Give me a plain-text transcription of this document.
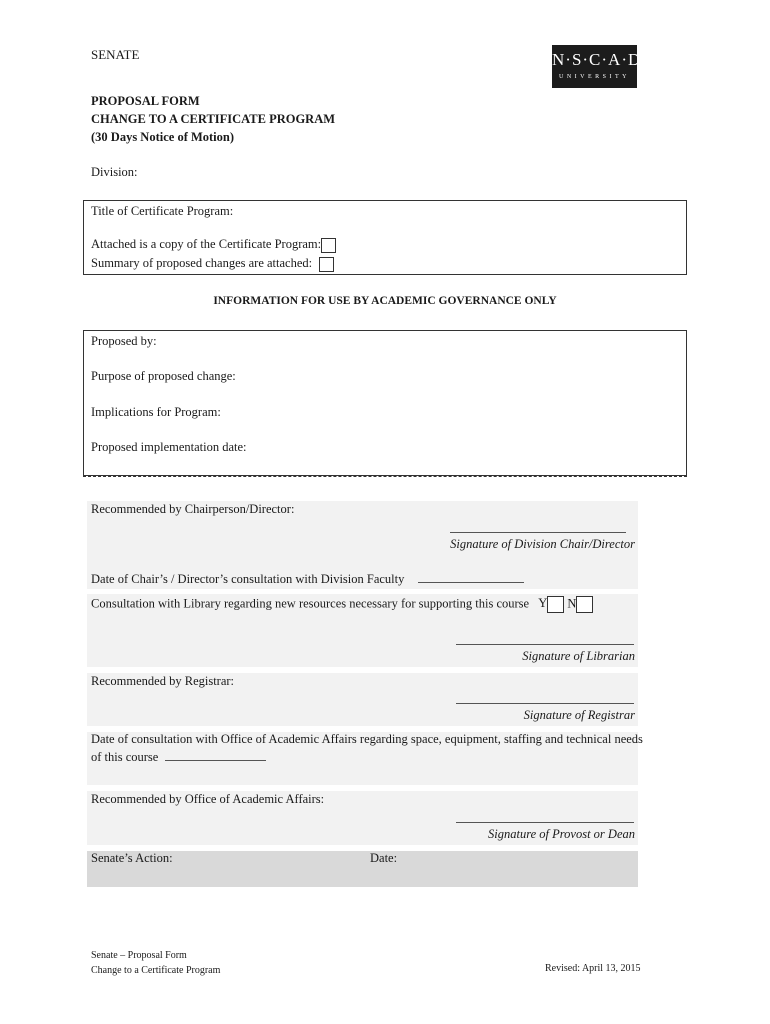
SENATE	N·S·C·A·D
UNIVERSITY
PROPOSAL FORM
CHANGE TO A CERTIFICATE PROGRAM
(30 Days Notice of Motion)
Division:
Title of Certificate Program:
Attached is a copy of the Certificate Program:
Summary of proposed changes are attached:
INFORMATION FOR USE BY ACADEMIC GOVERNANCE ONLY
Proposed by:
Purpose of proposed change:
Implications for Program:
Proposed implementation date:
Recommended by Chairperson/Director:
Signature of Division Chair/Director
Date of Chair’s / Director’s consultation with Division Faculty
Consultation with Library regarding new resources necessary for supporting this course Y N
Signature of Librarian
Recommended by Registrar:
Signature of Registrar
Date of consultation with Office of Academic Affairs regarding space, equipment, staffing and technical needs
of this course
Recommended by Office of Academic Affairs:
Signature of Provost or Dean
Senate’s Action:	Date:
Senate – Proposal Form
Change to a Certificate Program	Revised: April 13, 2015
